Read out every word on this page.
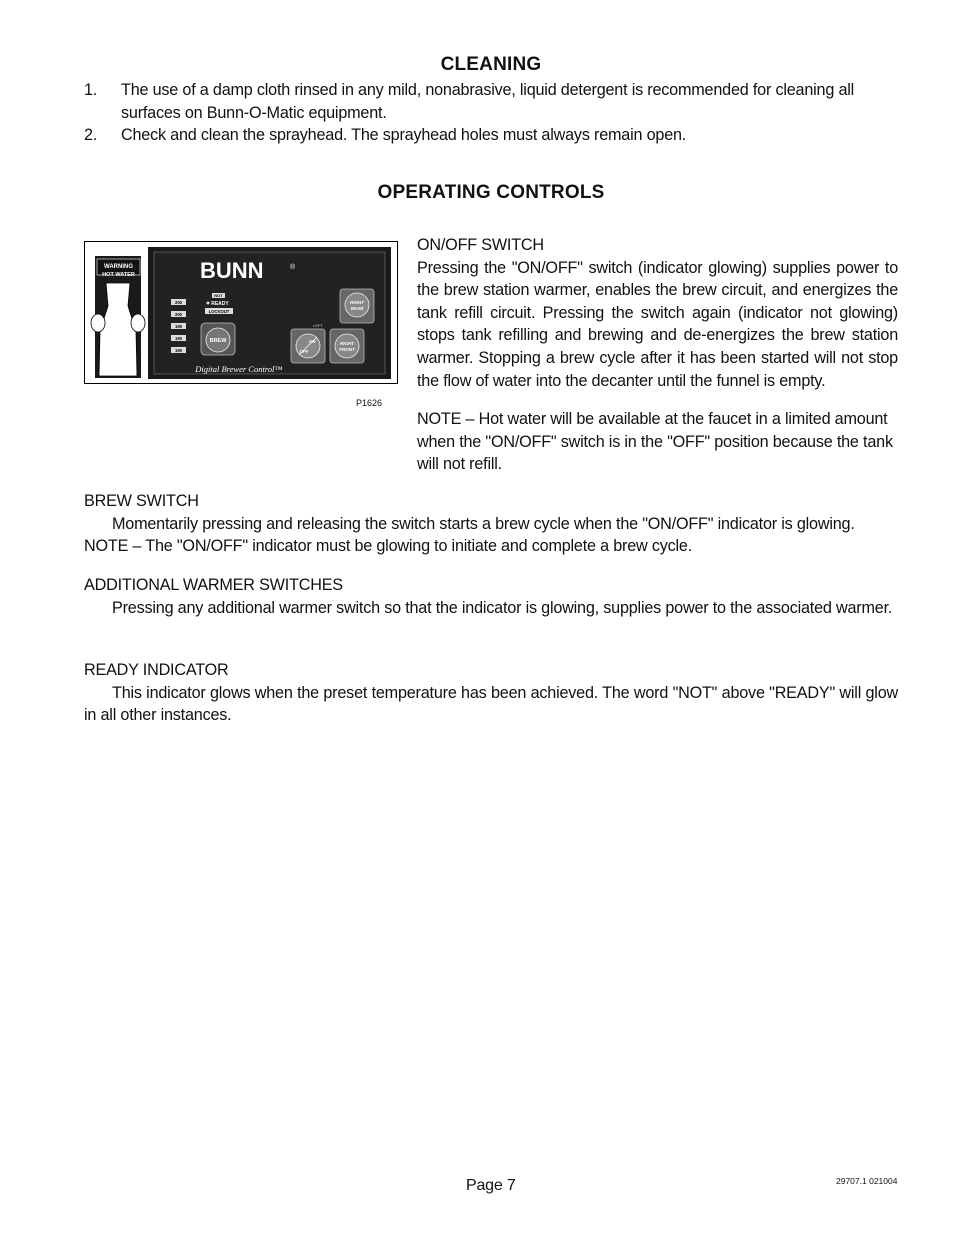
CLEANING
1. The use of a damp cloth rinsed in any mild, nonabrasive, liquid detergent is recommended for cleaning all surfaces on Bunn-O-Matic equipment.
2. Check and clean the sprayhead. The sprayhead holes must always remain open.
OPERATING CONTROLS
WARNING
HOT WATER	BUNN	®
200
200
195
190
190
NOT
READY
LOCKOUT
BREW
RIGHT
REAR
LEFT
ON
OFF
RIGHT
FRONT
Digital Brewer Control™
P1626

ON/OFF SWITCH

Pressing the "ON/OFF" switch (indicator glowing) supplies power to the brew station warmer, enables the brew circuit, and energizes the tank refill circuit. Pressing the switch again (indicator not glowing) stops tank refilling and brewing and de-energizes the brew station warmer. Stopping a brew cycle after it has been started will not stop the flow of water into the decanter until the funnel is empty.

NOTE – Hot water will be available at the faucet in a limited amount when the "ON/OFF" switch is in the "OFF" position because the tank will not refill.

BREW SWITCH

Momentarily pressing and releasing the switch starts a brew cycle when the "ON/OFF" indicator is glowing.

NOTE – The "ON/OFF" indicator must be glowing to initiate and complete a brew cycle.

ADDITIONAL WARMER SWITCHES

Pressing any additional warmer switch so that the indicator is glowing, supplies power to the associated warmer.

READY INDICATOR

This indicator glows when the preset temperature has been achieved. The word "NOT" above "READY" will glow in all other instances.

Page 7	29707.1 021004
